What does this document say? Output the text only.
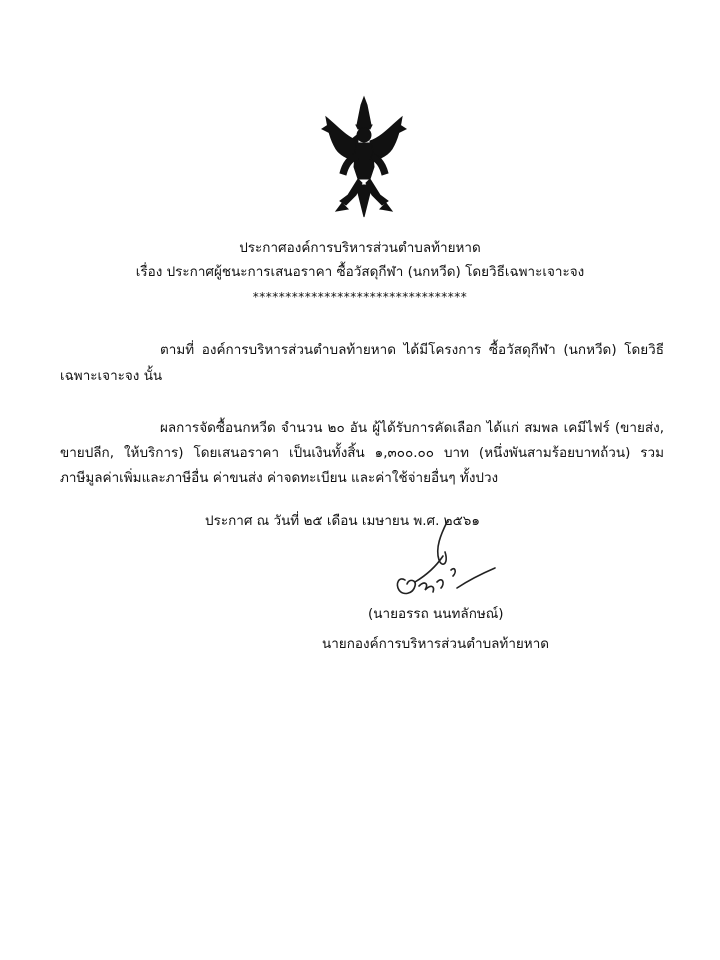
ประกาศองค์การบริหารส่วนตำบลท้ายหาด
เรื่อง ประกาศผู้ชนะการเสนอราคา ซื้อวัสดุกีฬา (นกหวีด) โดยวิธีเฉพาะเจาะจง
*********************************
ตามที่ องค์การบริหารส่วนตำบลท้ายหาด ได้มีโครงการ ซื้อวัสดุกีฬา (นกหวีด) โดยวิธี
เฉพาะเจาะจง นั้น
ผลการจัดซื้อนกหวีด จำนวน ๒๐ อัน ผู้ได้รับการคัดเลือก ได้แก่ สมพล เคมีไฟร์ (ขายส่ง,
ขายปลีก, ให้บริการ) โดยเสนอราคา เป็นเงินทั้งสิ้น ๑,๓๐๐.๐๐ บาท (หนึ่งพันสามร้อยบาทถ้วน) รวม
ภาษีมูลค่าเพิ่มและภาษีอื่น ค่าขนส่ง ค่าจดทะเบียน และค่าใช้จ่ายอื่นๆ ทั้งปวง
ประกาศ ณ วันที่ ๒๕ เดือน เมษายน พ.ศ. ๒๕๖๑
(นายอรรถ นนทลักษณ์)
นายกองค์การบริหารส่วนตำบลท้ายหาด
